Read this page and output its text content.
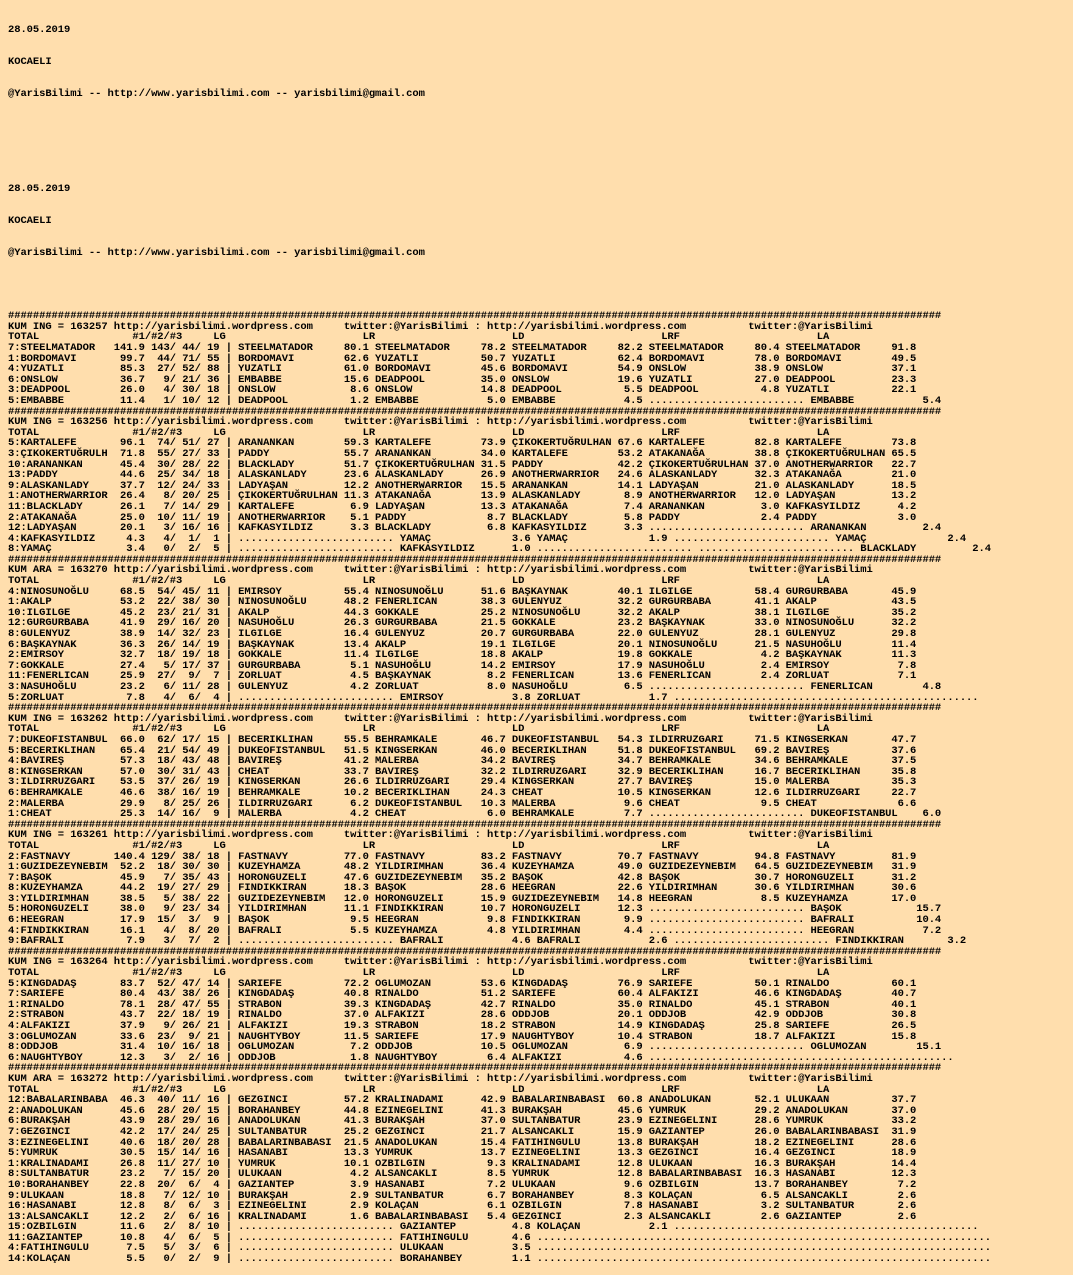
28.05.2019

KOCAELI

@YarisBilimi -- http://www.yarisbilimi.com -- yarisbilimi@gmail.com

28.05.2019

KOCAELI

@YarisBilimi -- http://www.yarisbilimi.com -- yarisbilimi@gmail.com

######################################################################################################################################################
KUM ING = 163257 http://yarisbilimi.wordpress.com     twitter:@YarisBilimi : http://yarisbilimi.wordpress.com          twitter:@YarisBilimi
TOTAL               #1/#2/#3     LG                      LR                      LD                      LRF                      LA
7:STEELMATADOR   141.9 143/ 44/ 19 | STEELMATADOR     80.1 STEELMATADOR     78.2 STEELMATADOR     82.2 STEELMATADOR     80.4 STEELMATADOR     91.8
1:BORDOMAVI       99.7  44/ 71/ 55 | BORDOMAVI        62.6 YUZATLI          50.7 YUZATLI          62.4 BORDOMAVI        78.0 BORDOMAVI        49.5
4:YUZATLI         85.3  27/ 52/ 88 | YUZATLI          61.0 BORDOMAVI        45.6 BORDOMAVI        54.9 ONSLOW           38.9 ONSLOW           37.1
6:ONSLOW          36.7   9/ 21/ 36 | EMBABBE          15.6 DEADPOOL         35.0 ONSLOW           19.6 YUZATLI          27.0 DEADPOOL         23.3
3:DEADPOOL        26.0   4/ 30/ 18 | ONSLOW            8.6 ONSLOW           14.8 DEADPOOL          5.5 DEADPOOL          4.8 YUZATLI          22.1
5:EMBABBE         11.4   1/ 10/ 12 | DEADPOOL          1.2 EMBABBE           5.0 EMBABBE           4.5 ......................... EMBABBE           5.4
######################################################################################################################################################
KUM ING = 163256 http://yarisbilimi.wordpress.com     twitter:@YarisBilimi : http://yarisbilimi.wordpress.com          twitter:@YarisBilimi
TOTAL               #1/#2/#3     LG                      LR                      LD                      LRF                      LA
5:KARTALEFE       96.1  74/ 51/ 27 | ARANANKAN        59.3 KARTALEFE        73.9 ÇIKOKERTUĞRULHAN 67.6 KARTALEFE        82.8 KARTALEFE        73.8
3:ÇIKOKERTUĞRULH  71.8  55/ 27/ 33 | PADDY            55.7 ARANANKAN        34.0 KARTALEFE        53.2 ATAKANAĞA        38.8 ÇIKOKERTUĞRULHAN 65.5
10:ARANANKAN      45.4  30/ 28/ 22 | BLACKLADY        51.7 ÇIKOKERTUĞRULHAN 31.5 PADDY            42.2 ÇIKOKERTUĞRULHAN 37.0 ANOTHERWARRIOR   22.7
13:PADDY          44.6  25/ 34/ 18 | ALASKANLADY      23.6 ALASKANLADY      26.9 ANOTHERWARRIOR   24.6 ALASKANLADY      32.3 ATAKANAĞA        21.0
9:ALASKANLADY     37.7  12/ 24/ 33 | LADYAŞAN         12.2 ANOTHERWARRIOR   15.5 ARANANKAN        14.1 LADYAŞAN         21.0 ALASKANLADY      18.5
1:ANOTHERWARRIOR  26.4   8/ 20/ 25 | ÇIKOKERTUĞRULHAN 11.3 ATAKANAĞA        13.9 ALASKANLADY       8.9 ANOTHERWARRIOR   12.0 LADYAŞAN         13.2
11:BLACKLADY      26.1   7/ 14/ 29 | KARTALEFE         6.9 LADYAŞAN         13.3 ATAKANAĞA         7.4 ARANANKAN         3.0 KAFKASYILDIZ      4.2
2:ATAKANAĞA       25.0  10/ 11/ 19 | ANOTHERWARRIOR    5.1 PADDY             8.7 BLACKLADY         5.8 PADDY             2.4 PADDY             3.0
12:LADYAŞAN       20.1   3/ 16/ 16 | KAFKASYILDIZ      3.3 BLACKLADY         6.8 KAFKASYILDIZ      3.3 ......................... ARANANKAN         2.4
4:KAFKASYILDIZ     4.3   4/  1/  1 | ......................... YAMAÇ             3.6 YAMAÇ             1.9 ......................... YAMAÇ             2.4
8:YAMAÇ            3.4   0/  2/  5 | ......................... KAFKASYILDIZ      1.0 ......................... ......................... BLACKLADY         2.4
######################################################################################################################################################
KUM ARA = 163270 http://yarisbilimi.wordpress.com     twitter:@YarisBilimi : http://yarisbilimi.wordpress.com          twitter:@YarisBilimi
TOTAL               #1/#2/#3     LG                      LR                      LD                      LRF                      LA
4:NINOSUNOĞLU     68.5  54/ 45/ 11 | EMIRSOY          55.4 NINOSUNOĞLU      51.6 BAŞKAYNAK        40.1 ILGILGE          58.4 GURGURBABA       45.9
1:AKALP           53.2  22/ 38/ 30 | NINOSUNOĞLU      48.2 FENERLICAN       38.3 GULENYUZ         32.2 GURGURBABA       41.1 AKALP            43.5
10:ILGILGE        45.2  23/ 21/ 31 | AKALP            44.3 GOKKALE          25.2 NINOSUNOĞLU      32.2 AKALP            38.1 ILGILGE          35.2
12:GURGURBABA     41.9  29/ 16/ 20 | NASUHOĞLU        26.3 GURGURBABA       21.5 GOKKALE          23.2 BAŞKAYNAK        33.0 NINOSUNOĞLU      32.2
8:GULENYUZ        38.9  14/ 32/ 23 | ILGILGE          16.4 GULENYUZ         20.7 GURGURBABA       22.0 GULENYUZ         28.1 GULENYUZ         29.8
6:BAŞKAYNAK       36.3  26/ 14/ 19 | BAŞKAYNAK        13.4 AKALP            19.1 ILGILGE          20.1 NINOSUNOĞLU      21.5 NASUHOĞLU        11.4
2:EMIRSOY         32.7  18/ 19/ 18 | GOKKALE          11.4 ILGILGE          18.8 AKALP            19.8 GOKKALE           4.2 BAŞKAYNAK        11.3
7:GOKKALE         27.4   5/ 17/ 37 | GURGURBABA        5.1 NASUHOĞLU        14.2 EMIRSOY          17.9 NASUHOĞLU         2.4 EMIRSOY           7.8
11:FENERLICAN     25.9  27/  9/  7 | ZORLUAT           4.5 BAŞKAYNAK         8.2 FENERLICAN       13.6 FENERLICAN        2.4 ZORLUAT           7.1
3:NASUHOĞLU       23.2   6/ 11/ 28 | GULENYUZ          4.2 ZORLUAT           8.0 NASUHOĞLU         6.5 ......................... FENERLICAN        4.8
5:ZORLUAT          7.8   4/  6/  4 | ......................... EMIRSOY           3.8 ZORLUAT           1.7 .................................................
######################################################################################################################################################
KUM ING = 163262 http://yarisbilimi.wordpress.com     twitter:@YarisBilimi : http://yarisbilimi.wordpress.com          twitter:@YarisBilimi
TOTAL               #1/#2/#3     LG                      LR                      LD                      LRF                      LA
7:DUKEOFISTANBUL  66.0  62/ 17/ 15 | BECERIKLIHAN     55.5 BEHRAMKALE       46.7 DUKEOFISTANBUL   54.3 ILDIRRUZGARI     71.5 KINGSERKAN       47.7
5:BECERIKLIHAN    65.4  21/ 54/ 49 | DUKEOFISTANBUL   51.5 KINGSERKAN       46.0 BECERIKLIHAN     51.8 DUKEOFISTANBUL   69.2 BAVIREŞ          37.6
4:BAVIREŞ         57.3  18/ 43/ 48 | BAVIREŞ          41.2 MALERBA          34.2 BAVIREŞ          34.7 BEHRAMKALE       34.6 BEHRAMKALE       37.5
8:KINGSERKAN      57.0  30/ 31/ 43 | CHEAT            33.7 BAVIREŞ          32.2 ILDIRRUZGARI     32.9 BECERIKLIHAN     16.7 BECERIKLIHAN     35.8
3:ILDIRRUZGARI    53.5  37/ 26/ 19 | KINGSERKAN       26.6 ILDIRRUZGARI     29.4 KINGSERKAN       27.7 BAVIREŞ          15.0 MALERBA          35.3
6:BEHRAMKALE      46.6  38/ 16/ 19 | BEHRAMKALE       10.2 BECERIKLIHAN     24.3 CHEAT            10.5 KINGSERKAN       12.6 ILDIRRUZGARI     22.7
2:MALERBA         29.9   8/ 25/ 26 | ILDIRRUZGARI      6.2 DUKEOFISTANBUL   10.3 MALERBA           9.6 CHEAT             9.5 CHEAT             6.6
1:CHEAT           25.3  14/ 16/  9 | MALERBA           4.2 CHEAT             6.0 BEHRAMKALE        7.7 ......................... DUKEOFISTANBUL    6.0
######################################################################################################################################################
KUM ING = 163261 http://yarisbilimi.wordpress.com     twitter:@YarisBilimi : http://yarisbilimi.wordpress.com          twitter:@YarisBilimi
TOTAL               #1/#2/#3     LG                      LR                      LD                      LRF                      LA
2:FASTNAVY       140.4 129/ 38/ 18 | FASTNAVY         77.0 FASTNAVY         83.2 FASTNAVY         70.7 FASTNAVY         94.8 FASTNAVY         81.9
1:GUZIDEZEYNEBIM  52.2  18/ 30/ 30 | KUZEYHAMZA       48.2 YILDIRIMHAN      36.4 KUZEYHAMZA       49.0 GUZIDEZEYNEBIM   64.5 GUZIDEZEYNEBIM   31.9
7:BAŞOK           45.9   7/ 35/ 43 | HORONGUZELI      47.6 GUZIDEZEYNEBIM   35.2 BAŞOK            42.8 BAŞOK            30.7 HORONGUZELI      31.2
8:KUZEYHAMZA      44.2  19/ 27/ 29 | FINDIKKIRAN      18.3 BAŞOK            28.6 HEEGRAN          22.6 YILDIRIMHAN      30.6 YILDIRIMHAN      30.6
3:YILDIRIMHAN     38.5   5/ 38/ 22 | GUZIDEZEYNEBIM   12.0 HORONGUZELI      15.9 GUZIDEZEYNEBIM   14.8 HEEGRAN           8.5 KUZEYHAMZA       17.0
5:HORONGUZELI     38.0   9/ 23/ 34 | YILDIRIMHAN      11.1 FINDIKKIRAN      10.7 HORONGUZELI      12.3 ......................... BAŞOK            15.7
6:HEEGRAN         17.9  15/  3/  9 | BAŞOK             9.5 HEEGRAN           9.8 FINDIKKIRAN       9.9 ......................... BAFRALI          10.4
4:FINDIKKIRAN     16.1   4/  8/ 20 | BAFRALI           5.5 KUZEYHAMZA        4.8 YILDIRIMHAN       4.4 ......................... HEEGRAN           7.2
9:BAFRALI          7.9   3/  7/  2 | ......................... BAFRALI           4.6 BAFRALI           2.6 ......................... FINDIKKIRAN       3.2
######################################################################################################################################################
KUM ING = 163264 http://yarisbilimi.wordpress.com     twitter:@YarisBilimi : http://yarisbilimi.wordpress.com          twitter:@YarisBilimi
TOTAL               #1/#2/#3     LG                      LR                      LD                      LRF                      LA
5:KINGDADAŞ       83.7  52/ 47/ 14 | SARIEFE          72.2 OGLUMOZAN        53.6 KINGDADAŞ        76.9 SARIEFE          50.1 RINALDO          60.1
7:SARIEFE         80.4  43/ 38/ 26 | KINGDADAŞ        40.8 RINALDO          51.2 SARIEFE          60.4 ALFAKIZI         46.6 KINGDADAŞ        40.7
1:RINALDO         78.1  28/ 47/ 55 | STRABON          39.3 KINGDADAŞ        42.7 RINALDO          35.0 RINALDO          45.1 STRABON          40.1
2:STRABON         43.7  22/ 18/ 19 | RINALDO          37.0 ALFAKIZI         28.6 ODDJOB           20.1 ODDJOB           42.9 ODDJOB           30.8
4:ALFAKIZI        37.9   9/ 26/ 21 | ALFAKIZI         19.3 STRABON          18.2 STRABON          14.9 KINGDADAŞ        25.8 SARIEFE          26.5
3:OGLUMOZAN       33.6  23/  9/ 21 | NAUGHTYBOY       11.5 SARIEFE          17.9 NAUGHTYBOY       10.4 STRABON          18.7 ALFAKIZI         15.8
8:ODDJOB          31.4  10/ 16/ 18 | OGLUMOZAN         7.2 ODDJOB           10.5 OGLUMOZAN         6.9 ......................... OGLUMOZAN        15.1
6:NAUGHTYBOY      12.3   3/  2/ 16 | ODDJOB            1.8 NAUGHTYBOY        6.4 ALFAKIZI          4.6 .................................................
######################################################################################################################################################
KUM ARA = 163272 http://yarisbilimi.wordpress.com     twitter:@YarisBilimi : http://yarisbilimi.wordpress.com          twitter:@YarisBilimi
TOTAL               #1/#2/#3     LG                      LR                      LD                      LRF                      LA
12:BABALARINBABA  46.3  40/ 11/ 16 | GEZGINCI         57.2 KRALINADAMI      42.9 BABALARINBABASI  60.8 ANADOLUKAN       52.1 ULUKAAN          37.7
2:ANADOLUKAN      45.6  28/ 20/ 15 | BORAHANBEY       44.8 EZINEGELINI      41.3 BURAKŞAH         45.6 YUMRUK           29.2 ANADOLUKAN       37.0
6:BURAKŞAH        43.9  28/ 29/ 16 | ANADOLUKAN       41.3 BURAKŞAH         37.0 SULTANBATUR      23.9 EZINEGELINI      28.6 YUMRUK           33.2
7:GEZGINCI        42.2  17/ 24/ 25 | SULTANBATUR      25.2 GEZGINCI         21.7 ALSANCAKLI       15.9 GAZIANTEP        26.0 BABALARINBABASI  31.9
3:EZINEGELINI     40.6  18/ 20/ 28 | BABALARINBABASI  21.5 ANADOLUKAN       15.4 FATIHINGULU      13.8 BURAKŞAH         18.2 EZINEGELINI      28.6
5:YUMRUK          30.5  15/ 14/ 16 | HASANABI         13.3 YUMRUK           13.7 EZINEGELINI      13.3 GEZGINCI         16.4 GEZGINCI         18.9
1:KRALINADAMI     26.8  11/ 27/ 10 | YUMRUK           10.1 OZBILGIN          9.3 KRALINADAMI      12.8 ULUKAAN          16.3 BURAKŞAH         14.4
8:SULTANBATUR     23.2   7/ 15/ 20 | ULUKAAN           4.2 ALSANCAKLI        8.5 YUMRUK           12.8 BABALARINBABASI  16.3 HASANABI         12.3
10:BORAHANBEY     22.8  20/  6/  4 | GAZIANTEP         3.9 HASANABI          7.2 ULUKAAN           9.6 OZBILGIN         13.7 BORAHANBEY        7.2
9:ULUKAAN         18.8   7/ 12/ 10 | BURAKŞAH          2.9 SULTANBATUR       6.7 BORAHANBEY        8.3 KOLAÇAN           6.5 ALSANCAKLI        2.6
16:HASANABI       12.8   8/  6/  3 | EZINEGELINI       2.9 KOLAÇAN           6.1 OZBILGIN          7.8 HASANABI          3.2 SULTANBATUR       2.6
13:ALSANCAKLI     12.2   2/  6/ 16 | KRALINADAMI       1.6 BABALARINBABASI   5.4 GEZGINCI          2.3 ALSANCAKLI        2.6 GAZIANTEP         2.6
15:OZBILGIN       11.6   2/  8/ 10 | ......................... GAZIANTEP         4.8 KOLAÇAN           2.1 .................................................
11:GAZIANTEP      10.8   4/  6/  5 | ......................... FATIHINGULU       4.6 .........................................................................
4:FATIHINGULU      7.5   5/  3/  6 | ......................... ULUKAAN           3.5 .........................................................................
14:KOLAÇAN         5.5   0/  2/  9 | ......................... BORAHANBEY        1.1 .........................................................................
